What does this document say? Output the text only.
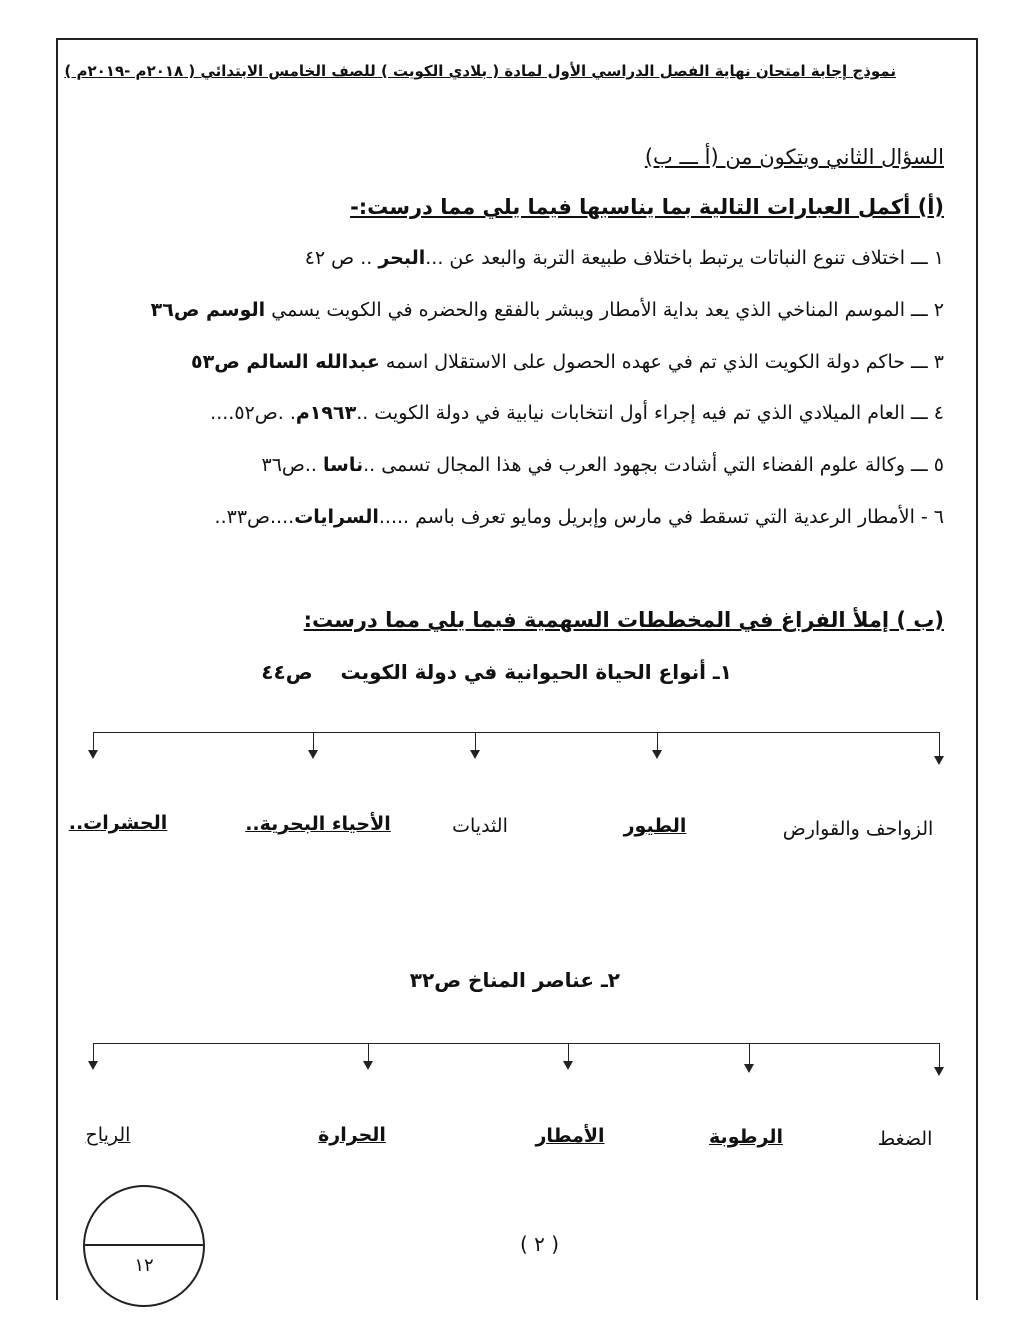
نموذج إجابة امتحان نهاية الفصل الدراسي الأول لمادة ( بلادي الكويت ) للصف الخامس الابتدائي ( ٢٠١٨م -٢٠١٩م )
السؤال الثاني ويتكون من (أ ـــ ب)
(أ) أكمل العبارات التالية بما يناسبها فيما يلي مما درست:-
١ ـــ اختلاف تنوع النباتات يرتبط باختلاف طبيعة التربة والبعد عن ...البحر .. ص ٤٢
٢ ـــ الموسم المناخي الذي يعد بداية الأمطار ويبشر بالفقع والحضره في الكويت يسمي الوسم ص٣٦
٣ ـــ حاكم دولة الكويت الذي تم في عهده الحصول على الاستقلال اسمه عبدالله السالم ص٥٣
٤ ـــ العام الميلادي الذي تم فيه إجراء أول انتخابات نيابية في دولة الكويت ..١٩٦٣م. .ص٥٢....
٥ ـــ وكالة علوم الفضاء التي أشادت بجهود العرب في هذا المجال تسمى ..ناسا ..ص٣٦
٦ - الأمطار الرعدية التي تسقط في مارس وإبريل ومايو تعرف باسم .....السرايات....ص٣٣..
(ب ) إملأ الفراغ في المخططات السهمية فيما يلي مما درست:
١ـ أنواع الحياة الحيوانية في دولة الكويت    ص٤٤
الزواحف والقوارض
الطيور
الثديات
الأحياء البحرية..
الحشرات..
٢ـ عناصر المناخ ص٣٢
الضغط
الرطوبة
الأمطار
الحرارة
الرياح
١٢
( ٢ )
